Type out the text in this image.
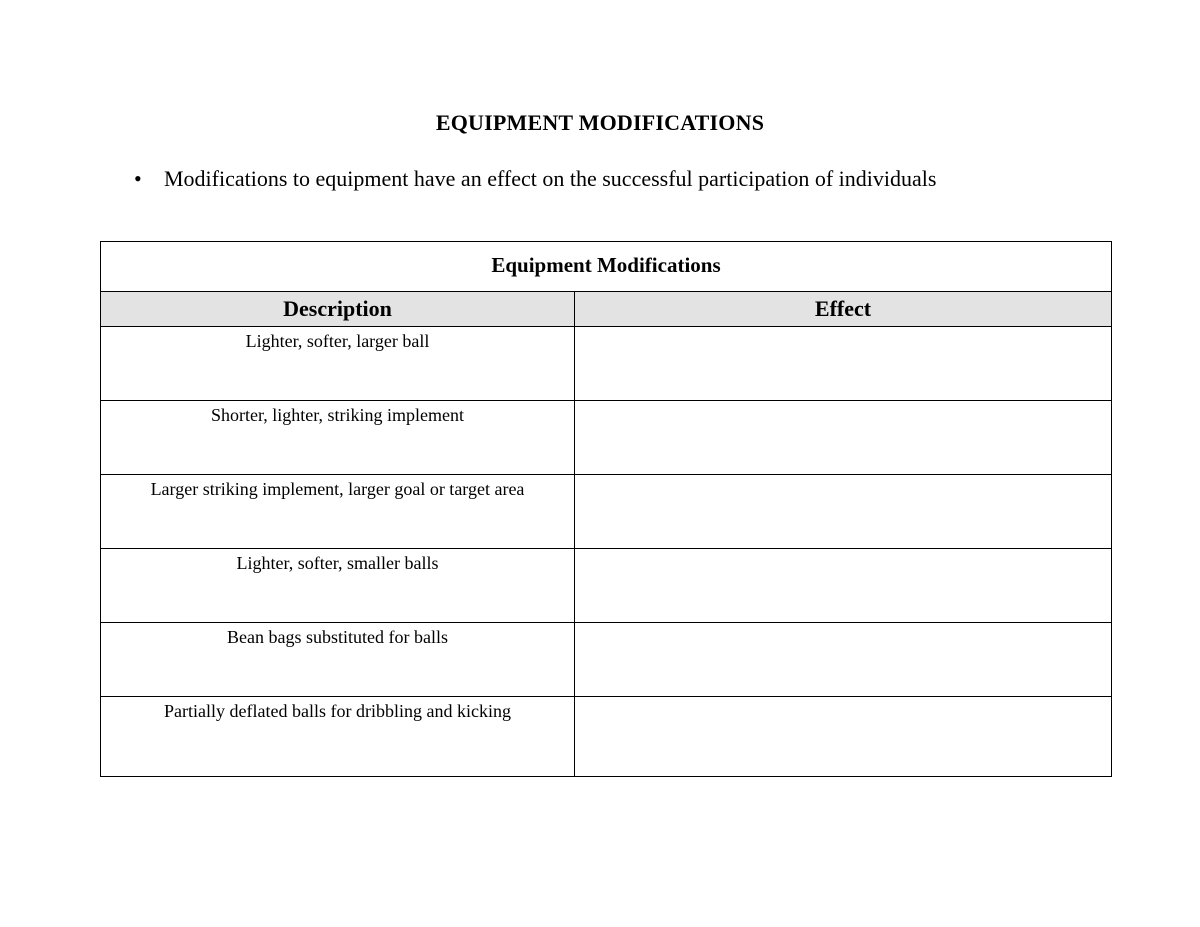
EQUIPMENT MODIFICATIONS
• Modifications to equipment have an effect on the successful participation of individuals
Equipment Modifications	
Description	Effect
Lighter, softer, larger ball	
Shorter, lighter, striking implement	
Larger striking implement, larger goal or target area	
Lighter, softer, smaller balls	
Bean bags substituted for balls	
Partially deflated balls for dribbling and kicking	
